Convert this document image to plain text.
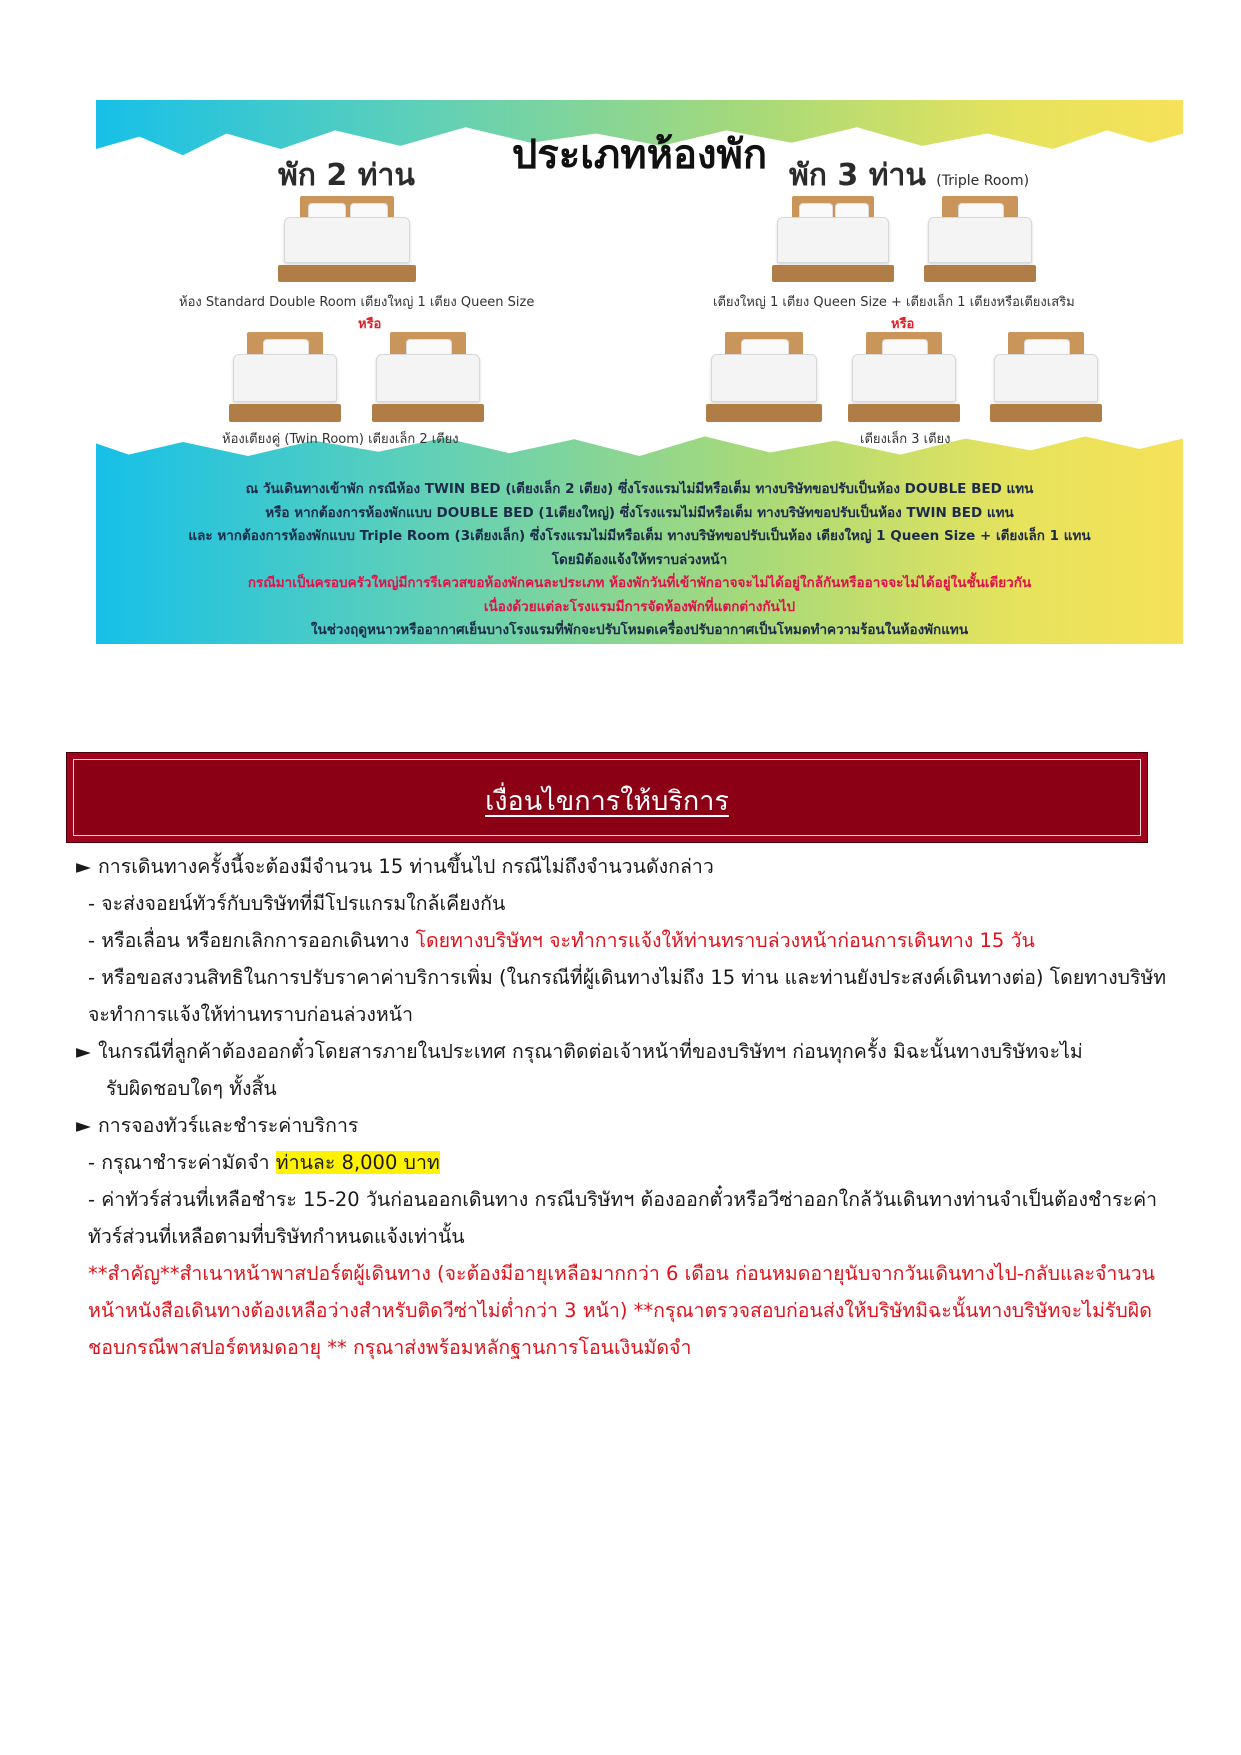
ประเภทห้องพัก
พัก 2 ท่าน	พัก 3 ท่าน (Triple Room)
ห้อง Standard Double Room เตียงใหญ่ 1 เตียง Queen Size
หรือ
ห้องเตียงคู่ (Twin Room) เตียงเล็ก 2 เตียง
เตียงใหญ่ 1 เตียง Queen Size + เตียงเล็ก 1 เตียงหรือเตียงเสริม
หรือ
เตียงเล็ก 3 เตียง

ณ วันเดินทางเข้าพัก กรณีห้อง TWIN BED (เตียงเล็ก 2 เตียง) ซึ่งโรงแรมไม่มีหรือเต็ม ทางบริษัทขอปรับเป็นห้อง DOUBLE BED แทน

หรือ หากต้องการห้องพักแบบ DOUBLE BED (1เตียงใหญ่) ซึ่งโรงแรมไม่มีหรือเต็ม ทางบริษัทขอปรับเป็นห้อง TWIN BED แทน

และ หากต้องการห้องพักแบบ Triple Room (3เตียงเล็ก) ซึ่งโรงแรมไม่มีหรือเต็ม ทางบริษัทขอปรับเป็นห้อง เตียงใหญ่ 1 Queen Size + เตียงเล็ก 1 แทน

โดยมิต้องแจ้งให้ทราบล่วงหน้า

กรณีมาเป็นครอบครัวใหญ่มีการรีเควสขอห้องพักคนละประเภท ห้องพักวันที่เข้าพักอาจจะไม่ได้อยู่ใกล้กันหรืออาจจะไม่ได้อยู่ในชั้นเดียวกัน

เนื่องด้วยแต่ละโรงแรมมีการจัดห้องพักที่แตกต่างกันไป

ในช่วงฤดูหนาวหรืออากาศเย็นบางโรงแรมที่พักจะปรับโหมดเครื่องปรับอากาศเป็นโหมดทำความร้อนในห้องพักแทน

เงื่อนไขการให้บริการ
► การเดินทางครั้งนี้จะต้องมีจำนวน 15 ท่านขึ้นไป กรณีไม่ถึงจำนวนดังกล่าว
- จะส่งจอยน์ทัวร์กับบริษัทที่มีโปรแกรมใกล้เคียงกัน
- หรือเลื่อน หรือยกเลิกการออกเดินทาง โดยทางบริษัทฯ จะทำการแจ้งให้ท่านทราบล่วงหน้าก่อนการเดินทาง 15 วัน
- หรือขอสงวนสิทธิในการปรับราคาค่าบริการเพิ่ม (ในกรณีที่ผู้เดินทางไม่ถึง 15 ท่าน และท่านยังประสงค์เดินทางต่อ) โดยทางบริษัทจะทำการแจ้งให้ท่านทราบก่อนล่วงหน้า
► ในกรณีที่ลูกค้าต้องออกตั๋วโดยสารภายในประเทศ กรุณาติดต่อเจ้าหน้าที่ของบริษัทฯ ก่อนทุกครั้ง มิฉะนั้นทางบริษัทจะไม่
รับผิดชอบใดๆ ทั้งสิ้น
► การจองทัวร์และชำระค่าบริการ
- กรุณาชำระค่ามัดจำ ท่านละ 8,000 บาท
- ค่าทัวร์ส่วนที่เหลือชำระ 15-20 วันก่อนออกเดินทาง กรณีบริษัทฯ ต้องออกตั๋วหรือวีซ่าออกใกล้วันเดินทางท่านจำเป็นต้องชำระค่าทัวร์ส่วนที่เหลือตามที่บริษัทกำหนดแจ้งเท่านั้น
**สำคัญ**สำเนาหน้าพาสปอร์ตผู้เดินทาง (จะต้องมีอายุเหลือมากกว่า 6 เดือน ก่อนหมดอายุนับจากวันเดินทางไป-กลับและจำนวนหน้าหนังสือเดินทางต้องเหลือว่างสำหรับติดวีซ่าไม่ต่ำกว่า 3 หน้า) **กรุณาตรวจสอบก่อนส่งให้บริษัทมิฉะนั้นทางบริษัทจะไม่รับผิดชอบกรณีพาสปอร์ตหมดอายุ ** กรุณาส่งพร้อมหลักฐานการโอนเงินมัดจำ
